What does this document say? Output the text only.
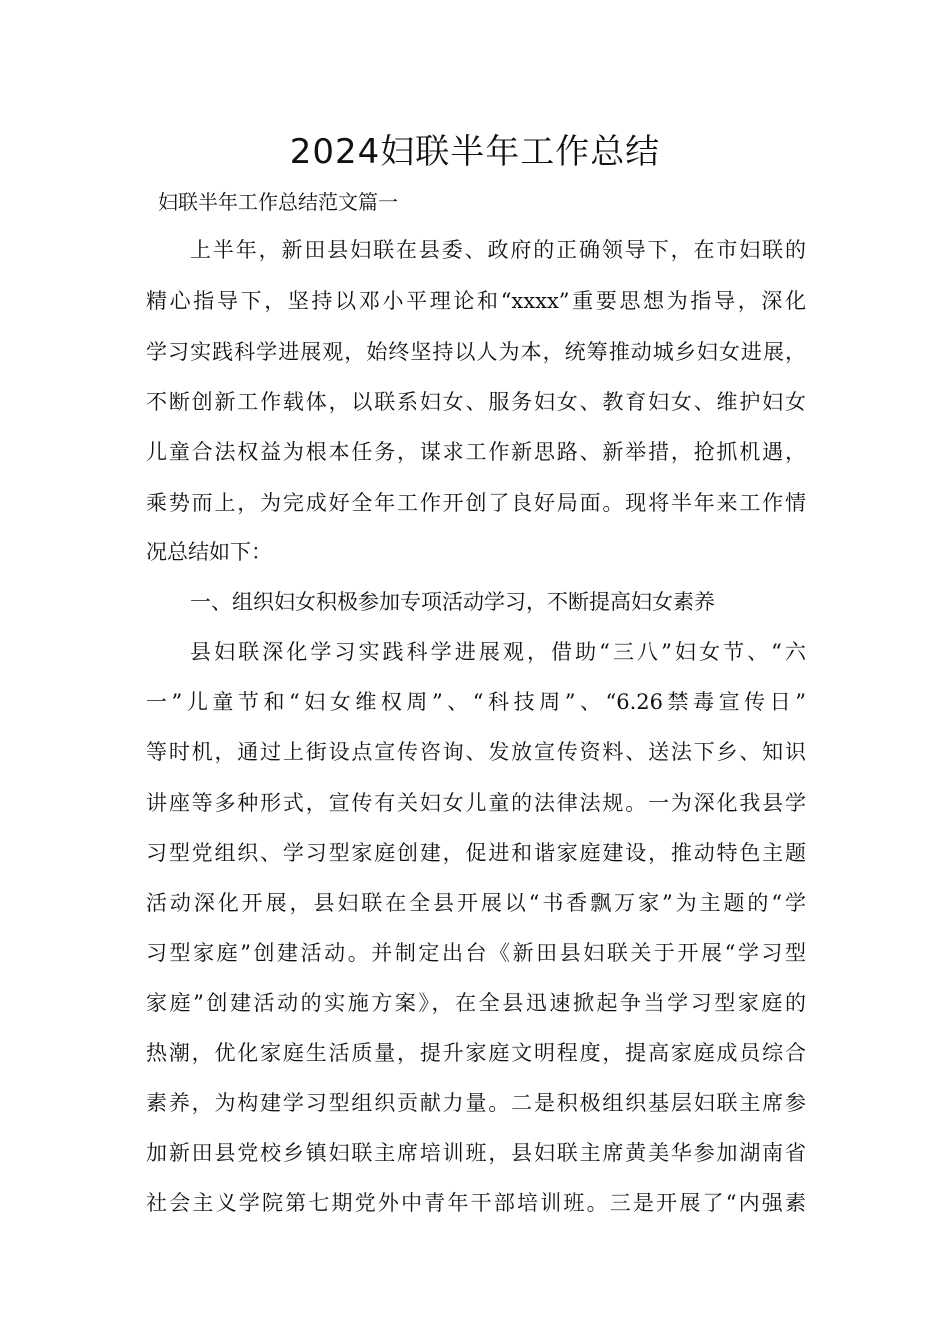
2024妇联半年工作总结

妇联半年工作总结范文篇一

上半年，新田县妇联在县委、政府的正确领导下，在市妇联的

精心指导下，坚持以邓小平理论和“xxxx”重要思想为指导，深化

学习实践科学进展观，始终坚持以人为本，统筹推动城乡妇女进展，

不断创新工作载体，以联系妇女、服务妇女、教育妇女、维护妇女

儿童合法权益为根本任务，谋求工作新思路、新举措，抢抓机遇，

乘势而上，为完成好全年工作开创了良好局面。现将半年来工作情

况总结如下：

一、组织妇女积极参加专项活动学习，不断提高妇女素养

县妇联深化学习实践科学进展观，借助“三八”妇女节、“六

一”儿童节和“妇女维权周”、“科技周”、“6.26禁毒宣传日”

等时机，通过上街设点宣传咨询、发放宣传资料、送法下乡、知识

讲座等多种形式，宣传有关妇女儿童的法律法规。一为深化我县学

习型党组织、学习型家庭创建，促进和谐家庭建设，推动特色主题

活动深化开展，县妇联在全县开展以“书香飘万家”为主题的“学

习型家庭”创建活动。并制定出台《新田县妇联关于开展“学习型

家庭”创建活动的实施方案》，在全县迅速掀起争当学习型家庭的

热潮，优化家庭生活质量，提升家庭文明程度，提高家庭成员综合

素养，为构建学习型组织贡献力量。二是积极组织基层妇联主席参

加新田县党校乡镇妇联主席培训班，县妇联主席黄美华参加湖南省

社会主义学院第七期党外中青年干部培训班。三是开展了“内强素
